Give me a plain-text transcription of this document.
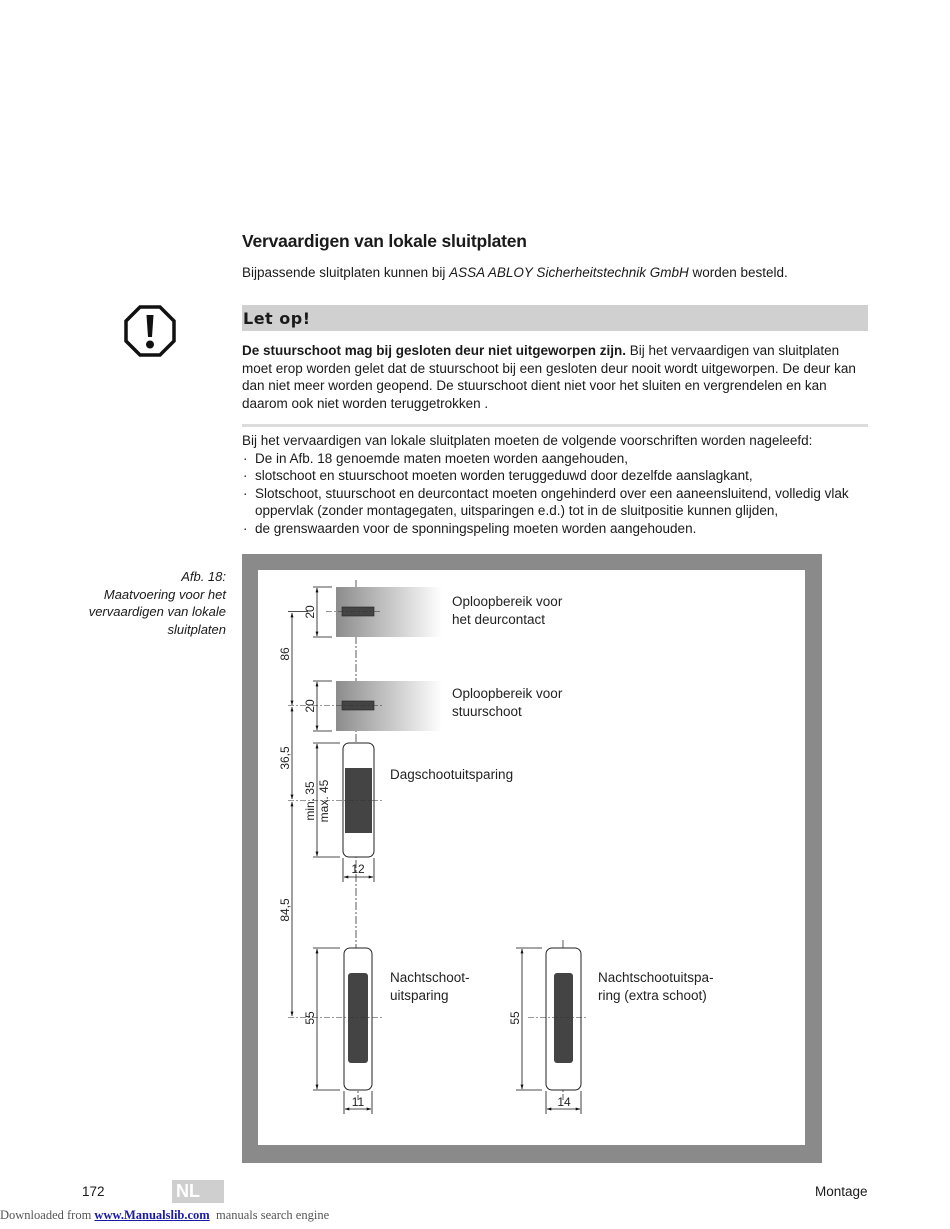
Vervaardigen van lokale sluitplaten
Bijpassende sluitplaten kunnen bij ASSA ABLOY Sicherheitstechnik GmbH worden besteld.
Let op!
De stuurschoot mag bij gesloten deur niet uitgeworpen zijn. Bij het vervaardigen van sluitplaten moet erop worden gelet dat de stuurschoot bij een gesloten deur nooit wordt uitgeworpen. De deur kan dan niet meer worden geopend. De stuurschoot dient niet voor het sluiten en vergrendelen en kan daarom ook niet worden teruggetrokken .
Bij het vervaardigen van lokale sluitplaten moeten de volgende voorschriften worden nageleefd:
· De in Afb. 18 genoemde maten moeten worden aangehouden,
· slotschoot en stuurschoot moeten worden teruggeduwd door dezelfde aanslagkant,
· Slotschoot, stuurschoot en deurcontact moeten ongehinderd over een aaneensluitend, volledig vlak oppervlak (zonder montagegaten, uitsparingen e.d.) tot in de sluitpositie kunnen glijden,
· de grenswaarden voor de sponningspeling moeten worden aangehouden.
Afb. 18:
Maatvoering voor het vervaardigen van lokale sluitplaten
20
86
Oploopbereik voor
het deurcontact
20
Oploopbereik voor
stuurschoot
36,5
min. 35 max. 45
Dagschootuitsparing
12
84,5
55
Nachtschoot-
uitsparing
11
55
Nachtschootuitspa-
ring (extra schoot)
14
172	NL	Montage
Downloaded from www.Manualslib.com  manuals search engine
